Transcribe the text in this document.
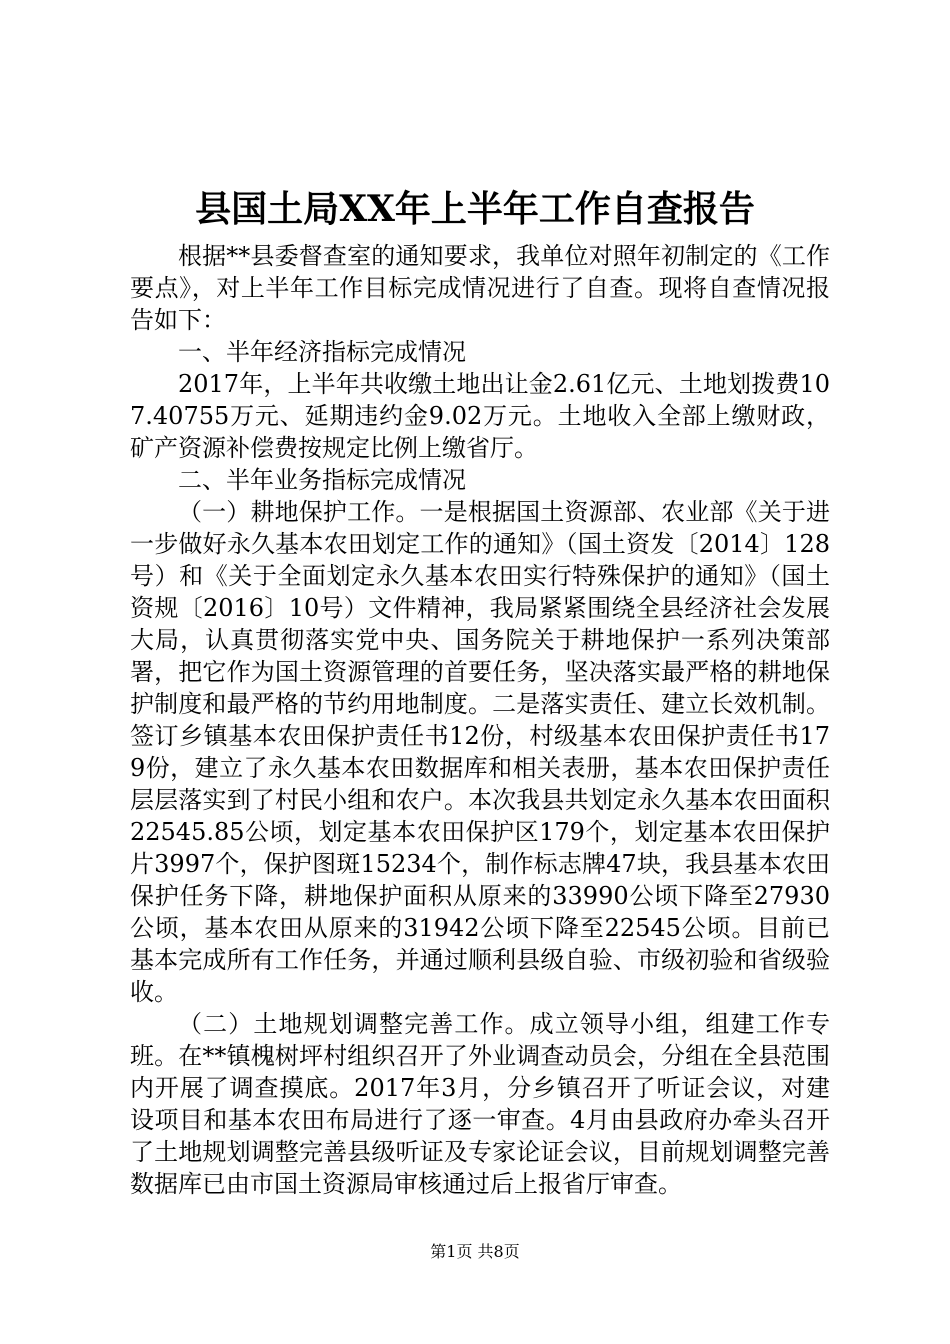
县国土局XX年上半年工作自查报告

根据**县委督查室的通知要求，我单位对照年初制定的《工作要点》，对上半年工作目标完成情况进行了自查。现将自查情况报告如下：

一、半年经济指标完成情况

2017年，上半年共收缴土地出让金2.61亿元、土地划拨费107.40755万元、延期违约金9.02万元。土地收入全部上缴财政，矿产资源补偿费按规定比例上缴省厅。

二、半年业务指标完成情况

（一）耕地保护工作。一是根据国土资源部、农业部《关于进一步做好永久基本农田划定工作的通知》（国土资发〔2014〕128号）和《关于全面划定永久基本农田实行特殊保护的通知》（国土资规〔2016〕10号）文件精神，我局紧紧围绕全县经济社会发展大局，认真贯彻落实党中央、国务院关于耕地保护一系列决策部署，把它作为国土资源管理的首要任务，坚决落实最严格的耕地保护制度和最严格的节约用地制度。二是落实责任、建立长效机制。签订乡镇基本农田保护责任书12份，村级基本农田保护责任书179份，建立了永久基本农田数据库和相关表册，基本农田保护责任层层落实到了村民小组和农户。本次我县共划定永久基本农田面积22545.85公顷，划定基本农田保护区179个，划定基本农田保护片3997个，保护图斑15234个，制作标志牌47块，我县基本农田保护任务下降，耕地保护面积从原来的33990公顷下降至27930公顷，基本农田从原来的31942公顷下降至22545公顷。目前已基本完成所有工作任务，并通过顺利县级自验、市级初验和省级验收。

（二）土地规划调整完善工作。成立领导小组，组建工作专班。在**镇槐树坪村组织召开了外业调查动员会，分组在全县范围内开展了调查摸底。2017年3月，分乡镇召开了听证会议，对建设项目和基本农田布局进行了逐一审查。4月由县政府办牵头召开了土地规划调整完善县级听证及专家论证会议，目前规划调整完善数据库已由市国土资源局审核通过后上报省厅审查。

第1页 共8页
